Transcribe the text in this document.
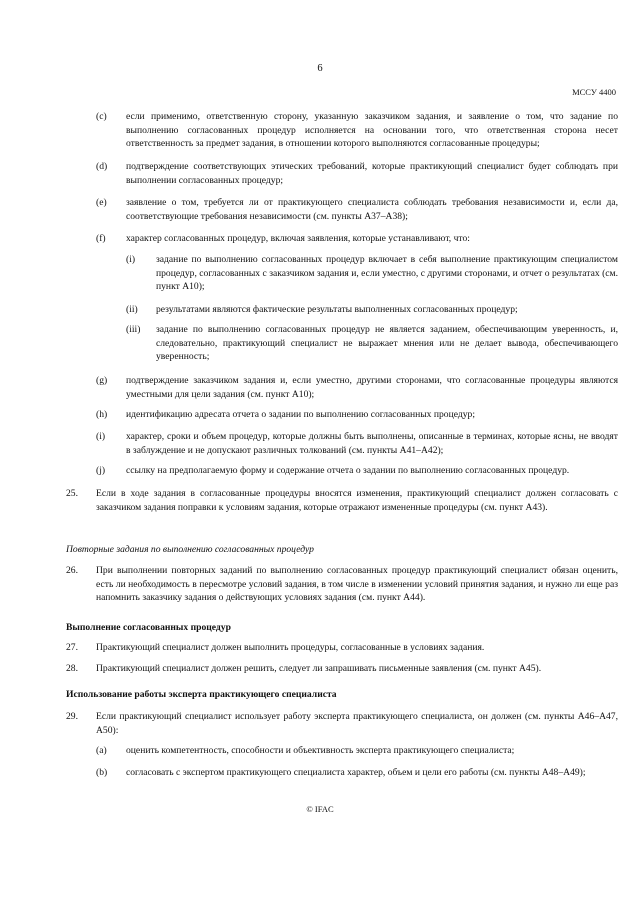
6
МССУ 4400
(c) если применимо, ответственную сторону, указанную заказчиком задания, и заявление о том, что задание по выполнению согласованных процедур исполняется на основании того, что ответственная сторона несет ответственность за предмет задания, в отношении которого выполняются согласованные процедуры;
(d) подтверждение соответствующих этических требований, которые практикующий специалист будет соблюдать при выполнении согласованных процедур;
(e) заявление о том, требуется ли от практикующего специалиста соблюдать требования независимости и, если да, соответствующие требования независимости (см. пункты А37–А38);
(f) характер согласованных процедур, включая заявления, которые устанавливают, что:
(i) задание по выполнению согласованных процедур включает в себя выполнение практикующим специалистом процедур, согласованных с заказчиком задания и, если уместно, с другими сторонами, и отчет о результатах (см. пункт А10);
(ii) результатами являются фактические результаты выполненных согласованных процедур;
(iii) задание по выполнению согласованных процедур не является заданием, обеспечивающим уверенность, и, следовательно, практикующий специалист не выражает мнения или не делает вывода, обеспечивающего уверенность;
(g) подтверждение заказчиком задания и, если уместно, другими сторонами, что согласованные процедуры являются уместными для цели задания (см. пункт А10);
(h) идентификацию адресата отчета о задании по выполнению согласованных процедур;
(i) характер, сроки и объем процедур, которые должны быть выполнены, описанные в терминах, которые ясны, не вводят в заблуждение и не допускают различных толкований (см. пункты А41–А42);
(j) ссылку на предполагаемую форму и содержание отчета о задании по выполнению согласованных процедур.
25. Если в ходе задания в согласованные процедуры вносятся изменения, практикующий специалист должен согласовать с заказчиком задания поправки к условиям задания, которые отражают измененные процедуры (см. пункт А43).
Повторные задания по выполнению согласованных процедур
26. При выполнении повторных заданий по выполнению согласованных процедур практикующий специалист обязан оценить, есть ли необходимость в пересмотре условий задания, в том числе в изменении условий принятия задания, и нужно ли еще раз напомнить заказчику задания о действующих условиях задания (см. пункт А44).
Выполнение согласованных процедур
27. Практикующий специалист должен выполнить процедуры, согласованные в условиях задания.
28. Практикующий специалист должен решить, следует ли запрашивать письменные заявления (см. пункт А45).
Использование работы эксперта практикующего специалиста
29. Если практикующий специалист использует работу эксперта практикующего специалиста, он должен (см. пункты А46–А47, А50):
(a) оценить компетентность, способности и объективность эксперта практикующего специалиста;
(b) согласовать с экспертом практикующего специалиста характер, объем и цели его работы (см. пункты А48–А49);
© IFAC
